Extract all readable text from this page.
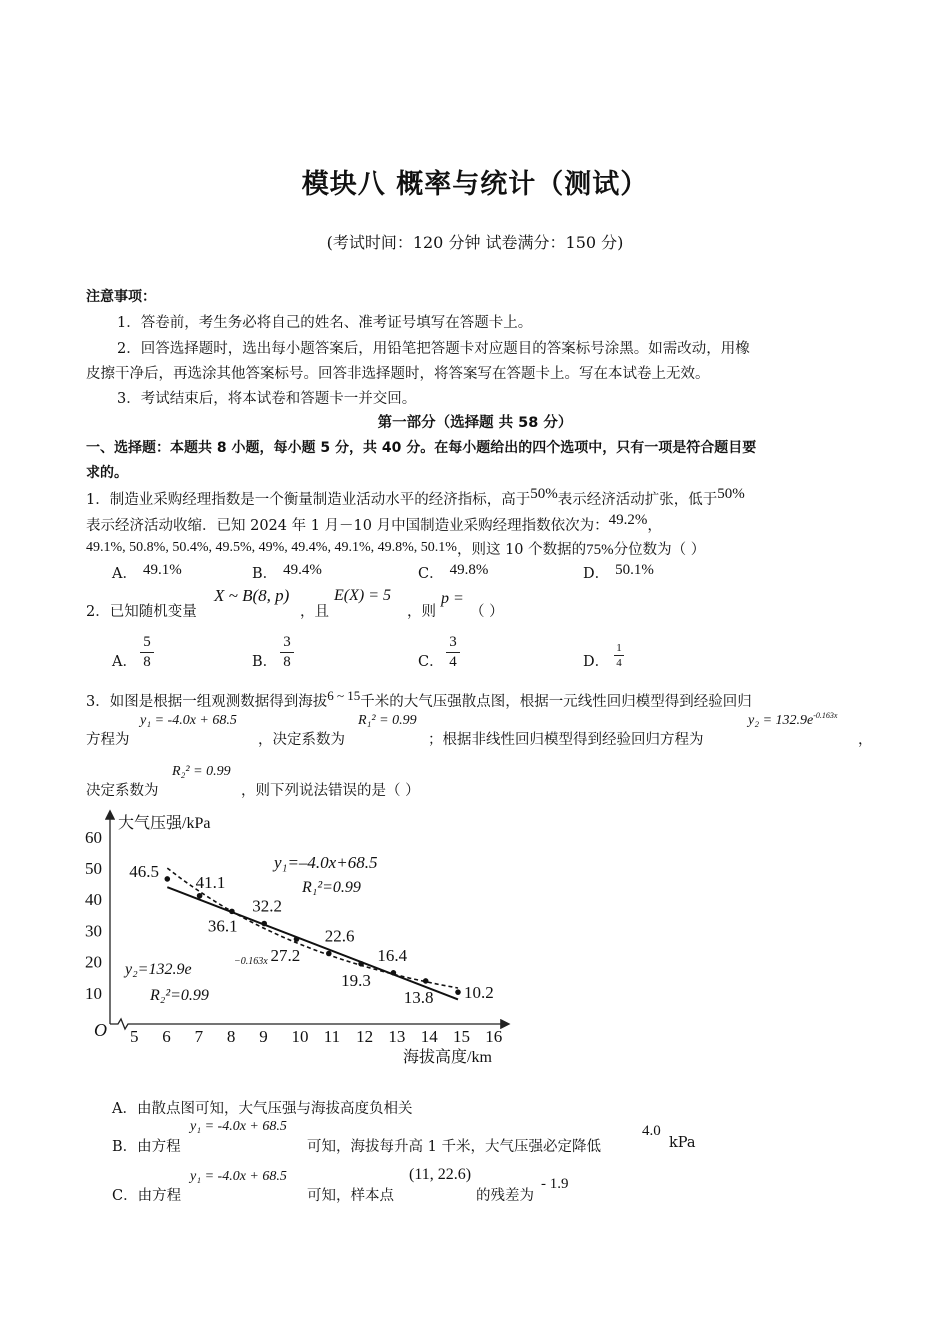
模块八 概率与统计（测试）
(考试时间：120 分钟 试卷满分：150 分)
注意事项：
1．答卷前，考生务必将自己的姓名、准考证号填写在答题卡上。
2．回答选择题时，选出每小题答案后，用铅笔把答题卡对应题目的答案标号涂黑。如需改动，用橡
皮擦干净后，再选涂其他答案标号。回答非选择题时，将答案写在答题卡上。写在本试卷上无效。
3．考试结束后，将本试卷和答题卡一并交回。
第一部分（选择题 共 58 分）
一、选择题：本题共 8 小题，每小题 5 分，共 40 分。在每小题给出的四个选项中，只有一项是符合题目要
求的。
1．制造业采购经理指数是一个衡量制造业活动水平的经济指标，高于50%表示经济活动扩张，低于50%
表示经济活动收缩．已知 2024 年 1 月－10 月中国制造业采购经理指数依次为：49.2%，
49.1%, 50.8%, 50.4%, 49.5%, 49%, 49.4%, 49.1%, 49.8%, 50.1%，则这 10 个数据的75%分位数为（ ）
A． 49.1%	B． 49.4%	C． 49.8%	D． 50.1%
2．已知随机变量
X ~ B(8, p)
，且
E(X) = 5
，则
p =
（ ）
A．
5
8	B．
3
8	C．
3
4	D．
1
4
3．如图是根据一组观测数据得到海拔6 ~ 15千米的大气压强散点图，根据一元线性回归模型得到经验回归
方程为
y₁ = -4.0x + 68.5
，决定系数为
R₁² = 0.99
；根据非线性回归模型得到经验回归方程为
$y_2 = 132.9e^{-0.163x}$
，
决定系数为
R₂² = 0.99
，则下列说法错误的是（ ）
O
大气压强/kPa
海拔高度/km
10
20
30
40
50
60
5 6 7 8 9 10 11 12 13 14 15 16
46.5
41.1
36.1
32.2
27.2
22.6
19.3
16.4
13.8 10.2
y₁=–4.0x+68.5
R₁²=0.99
y₂=132.9e	−0.163x
R₂²=0.99
A．由散点图可知，大气压强与海拔高度负相关
B．由方程
y₁ = -4.0x + 68.5
可知，海拔每升高 1 千米，大气压强必定降低
4.0
kPa
C．由方程
y₁ = -4.0x + 68.5
可知，样本点
(11, 22.6)
的残差为
- 1.9
